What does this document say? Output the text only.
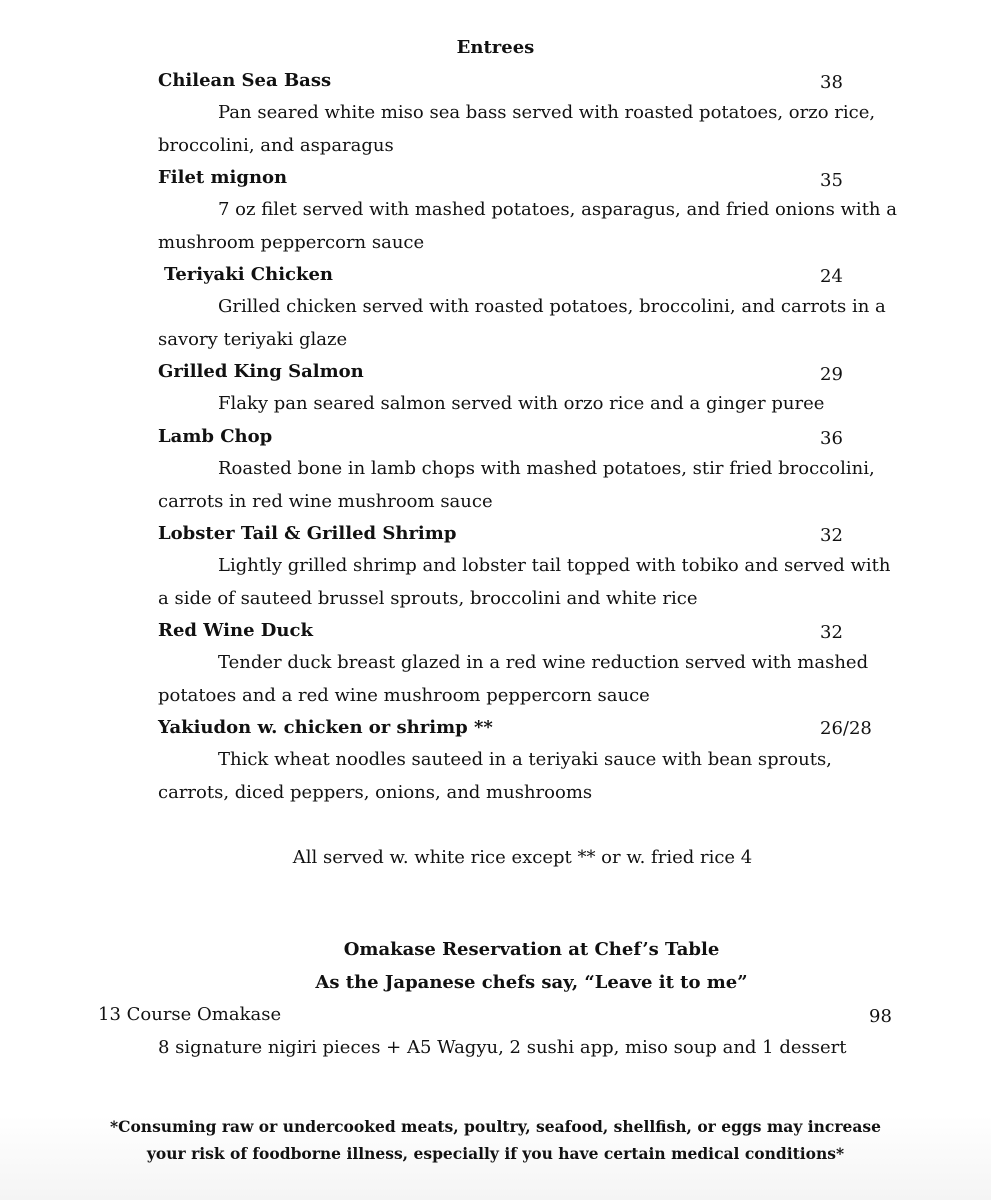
Entrees
Chilean Sea Bass	38

Pan seared white miso sea bass served with roasted potatoes, orzo rice, broccolini, and asparagus

Filet mignon	35

7 oz filet served with mashed potatoes, asparagus, and fried onions with a mushroom peppercorn sauce

Teriyaki Chicken	24

Grilled chicken served with roasted potatoes, broccolini, and carrots in a savory teriyaki glaze

Grilled King Salmon	29

Flaky pan seared salmon served with orzo rice and a ginger puree

Lamb Chop	36

Roasted bone in lamb chops with mashed potatoes, stir fried broccolini, carrots in red wine mushroom sauce

Lobster Tail & Grilled Shrimp	32

Lightly grilled shrimp and lobster tail topped with tobiko and served with a side of sauteed brussel sprouts, broccolini and white rice

Red Wine Duck	32

Tender duck breast glazed in a red wine reduction served with mashed potatoes and a red wine mushroom peppercorn sauce

Yakiudon w. chicken or shrimp **	26/28

Thick wheat noodles sauteed in a teriyaki sauce with bean sprouts, carrots, diced peppers, onions, and mushrooms

All served w. white rice except ** or w. fried rice 4
Omakase Reservation at Chef’s Table
As the Japanese chefs say, “Leave it to me”
13 Course Omakase	98
8 signature nigiri pieces + A5 Wagyu, 2 sushi app, miso soup and 1 dessert
*Consuming raw or undercooked meats, poultry, seafood, shellfish, or eggs may increase your risk of foodborne illness, especially if you have certain medical conditions*
